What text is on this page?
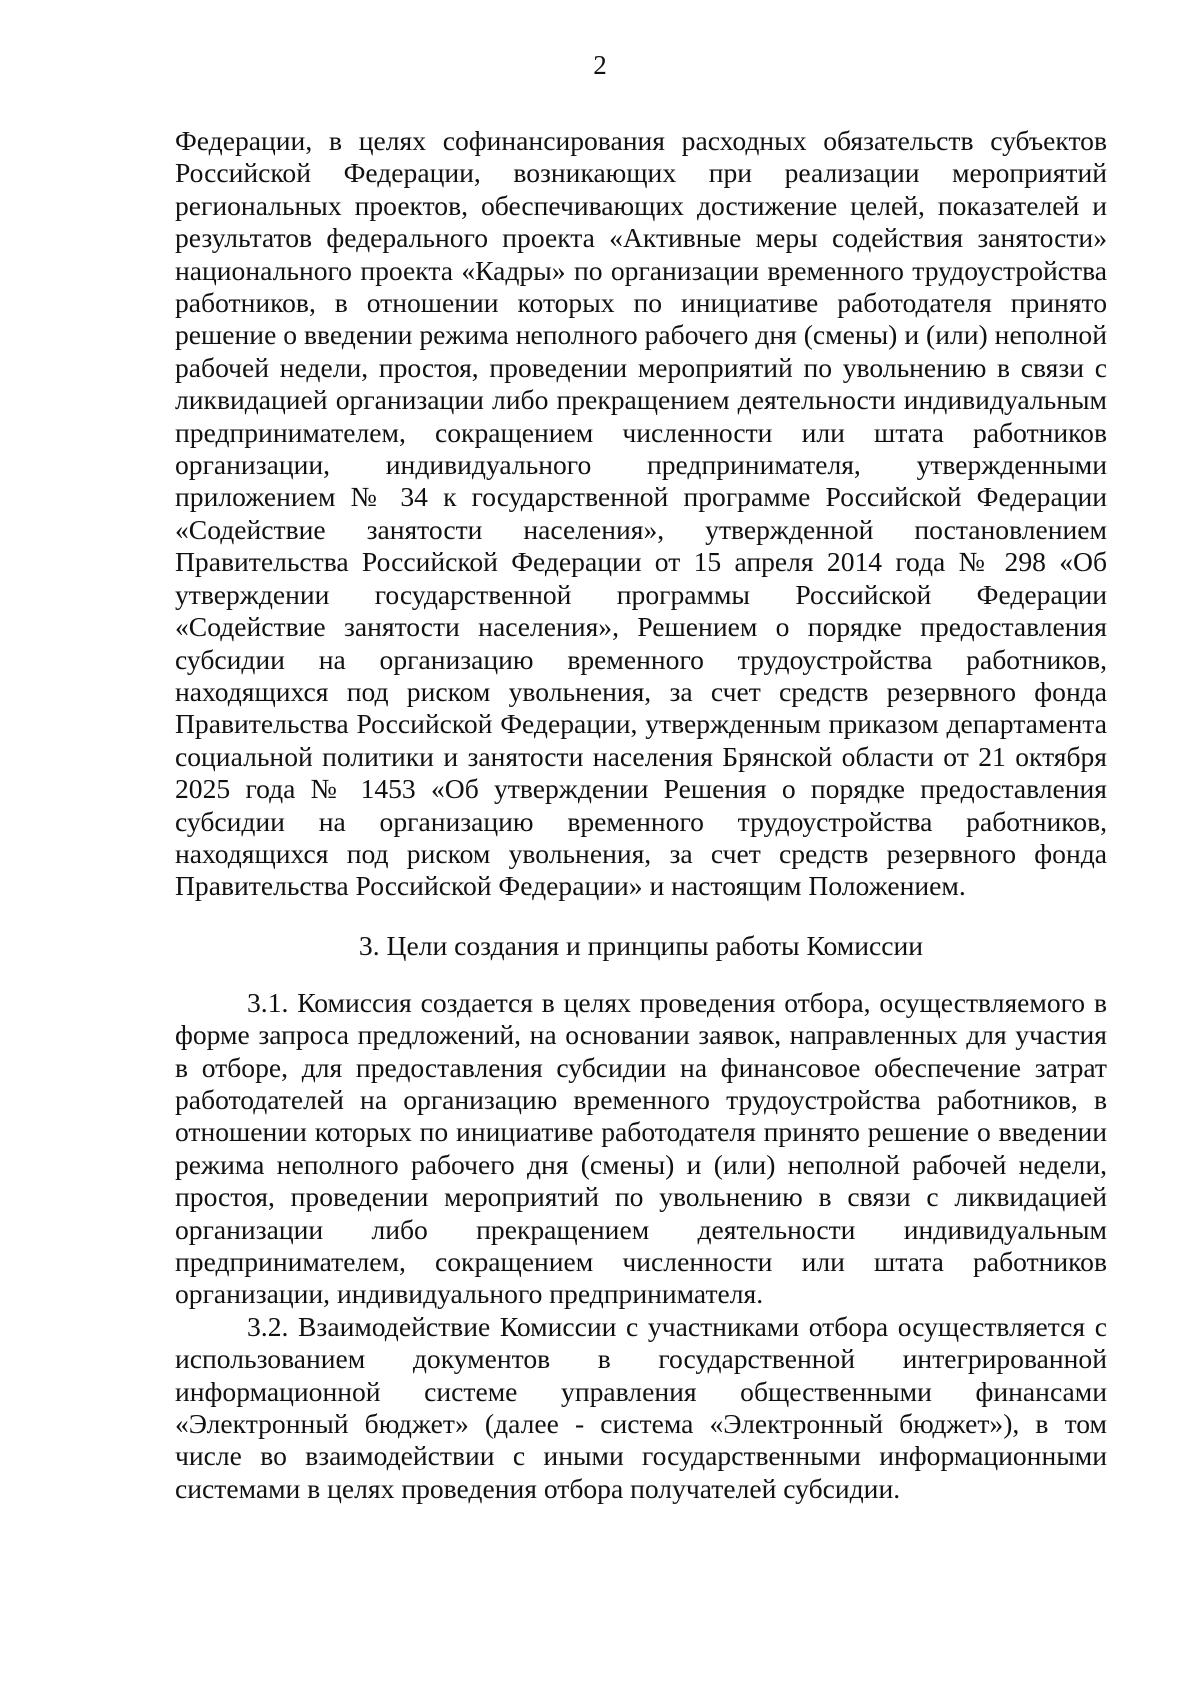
2

Федерации, в целях софинансирования расходных обязательств субъектов Российской Федерации, возникающих при реализации мероприятий региональных проектов, обеспечивающих достижение целей, показателей и результатов федерального проекта «Активные меры содействия занятости» национального проекта «Кадры» по организации временного трудоустройства работников, в отношении которых по инициативе работодателя принято решение о введении режима неполного рабочего дня (смены) и (или) неполной рабочей недели, простоя, проведении мероприятий по увольнению в связи с ликвидацией организации либо прекращением деятельности индивидуальным предпринимателем, сокращением численности или штата работников организации, индивидуального предпринимателя, утвержденными приложением № 34 к государственной программе Российской Федерации «Содействие занятости населения», утвержденной постановлением Правительства Российской Федерации от 15 апреля 2014 года № 298 «Об утверждении государственной программы Российской Федерации «Содействие занятости населения», Решением о порядке предоставления субсидии на организацию временного трудоустройства работников, находящихся под риском увольнения, за счет средств резервного фонда Правительства Российской Федерации, утвержденным приказом департамента социальной политики и занятости населения Брянской области от 21 октября 2025 года № 1453 «Об утверждении Решения о порядке предоставления субсидии на организацию временного трудоустройства работников, находящихся под риском увольнения, за счет средств резервного фонда Правительства Российской Федерации» и настоящим Положением.

3. Цели создания и принципы работы Комиссии

3.1. Комиссия создается в целях проведения отбора, осуществляемого в форме запроса предложений, на основании заявок, направленных для участия в отборе, для предоставления субсидии на финансовое обеспечение затрат работодателей на организацию временного трудоустройства работников, в отношении которых по инициативе работодателя принято решение о введении режима неполного рабочего дня (смены) и (или) неполной рабочей недели, простоя, проведении мероприятий по увольнению в связи с ликвидацией организации либо прекращением деятельности индивидуальным предпринимателем, сокращением численности или штата работников организации, индивидуального предпринимателя.

3.2. Взаимодействие Комиссии с участниками отбора осуществляется с использованием документов в государственной интегрированной информационной системе управления общественными финансами «Электронный бюджет» (далее - система «Электронный бюджет»), в том числе во взаимодействии с иными государственными информационными системами в целях проведения отбора получателей субсидии.
